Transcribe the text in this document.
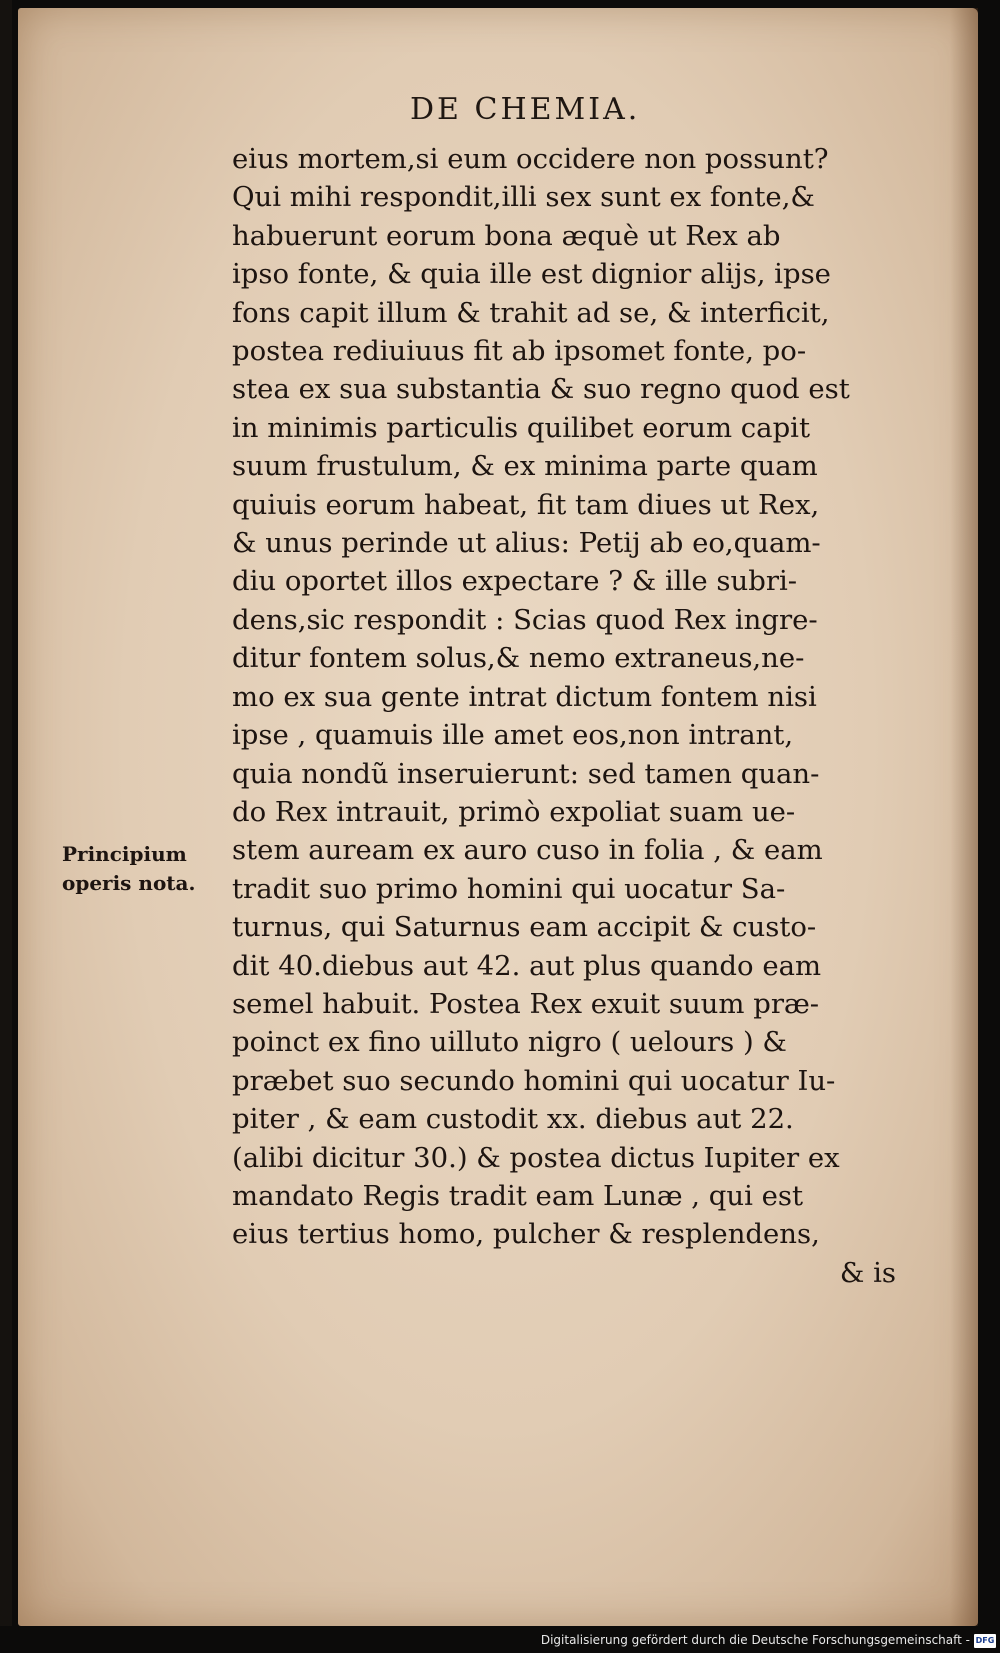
DE CHEMIA.

Principium
operis nota.

eius mortem,si eum occidere non possunt?
Qui mihi respondit,illi sex sunt ex fonte,&
habuerunt eorum bona æquè ut Rex ab
ipso fonte, & quia ille est dignior alijs, ipse
fons capit illum & trahit ad se, & interficit,
postea rediuiuus fit ab ipsomet fonte, po-
stea ex sua substantia & suo regno quod est
in minimis particulis quilibet eorum capit
suum frustulum, & ex minima parte quam
quiuis eorum habeat, fit tam diues ut Rex,
& unus perinde ut alius: Petij ab eo,quam-
diu oportet illos expectare ? & ille subri-
dens,sic respondit : Scias quod Rex ingre-
ditur fontem solus,& nemo extraneus,ne-
mo ex sua gente intrat dictum fontem nisi
ipse , quamuis ille amet eos,non intrant,
quia nondũ inseruierunt: sed tamen quan-
do Rex intrauit, primò expoliat suam ue-
stem auream ex auro cuso in folia , & eam
tradit suo primo homini qui uocatur Sa-
turnus, qui Saturnus eam accipit & custo-
dit 40.diebus aut 42. aut plus quando eam
semel habuit. Postea Rex exuit suum præ-
poinct ex fino uilluto nigro ( uelours ) &
præbet suo secundo homini qui uocatur Iu-
piter , & eam custodit xx. diebus aut 22.
(alibi dicitur 30.) & postea dictus Iupiter ex
mandato Regis tradit eam Lunæ , qui est
eius tertius homo, pulcher & resplendens,
& is

Digitalisierung gefördert durch die Deutsche Forschungsgemeinschaft - DFG
